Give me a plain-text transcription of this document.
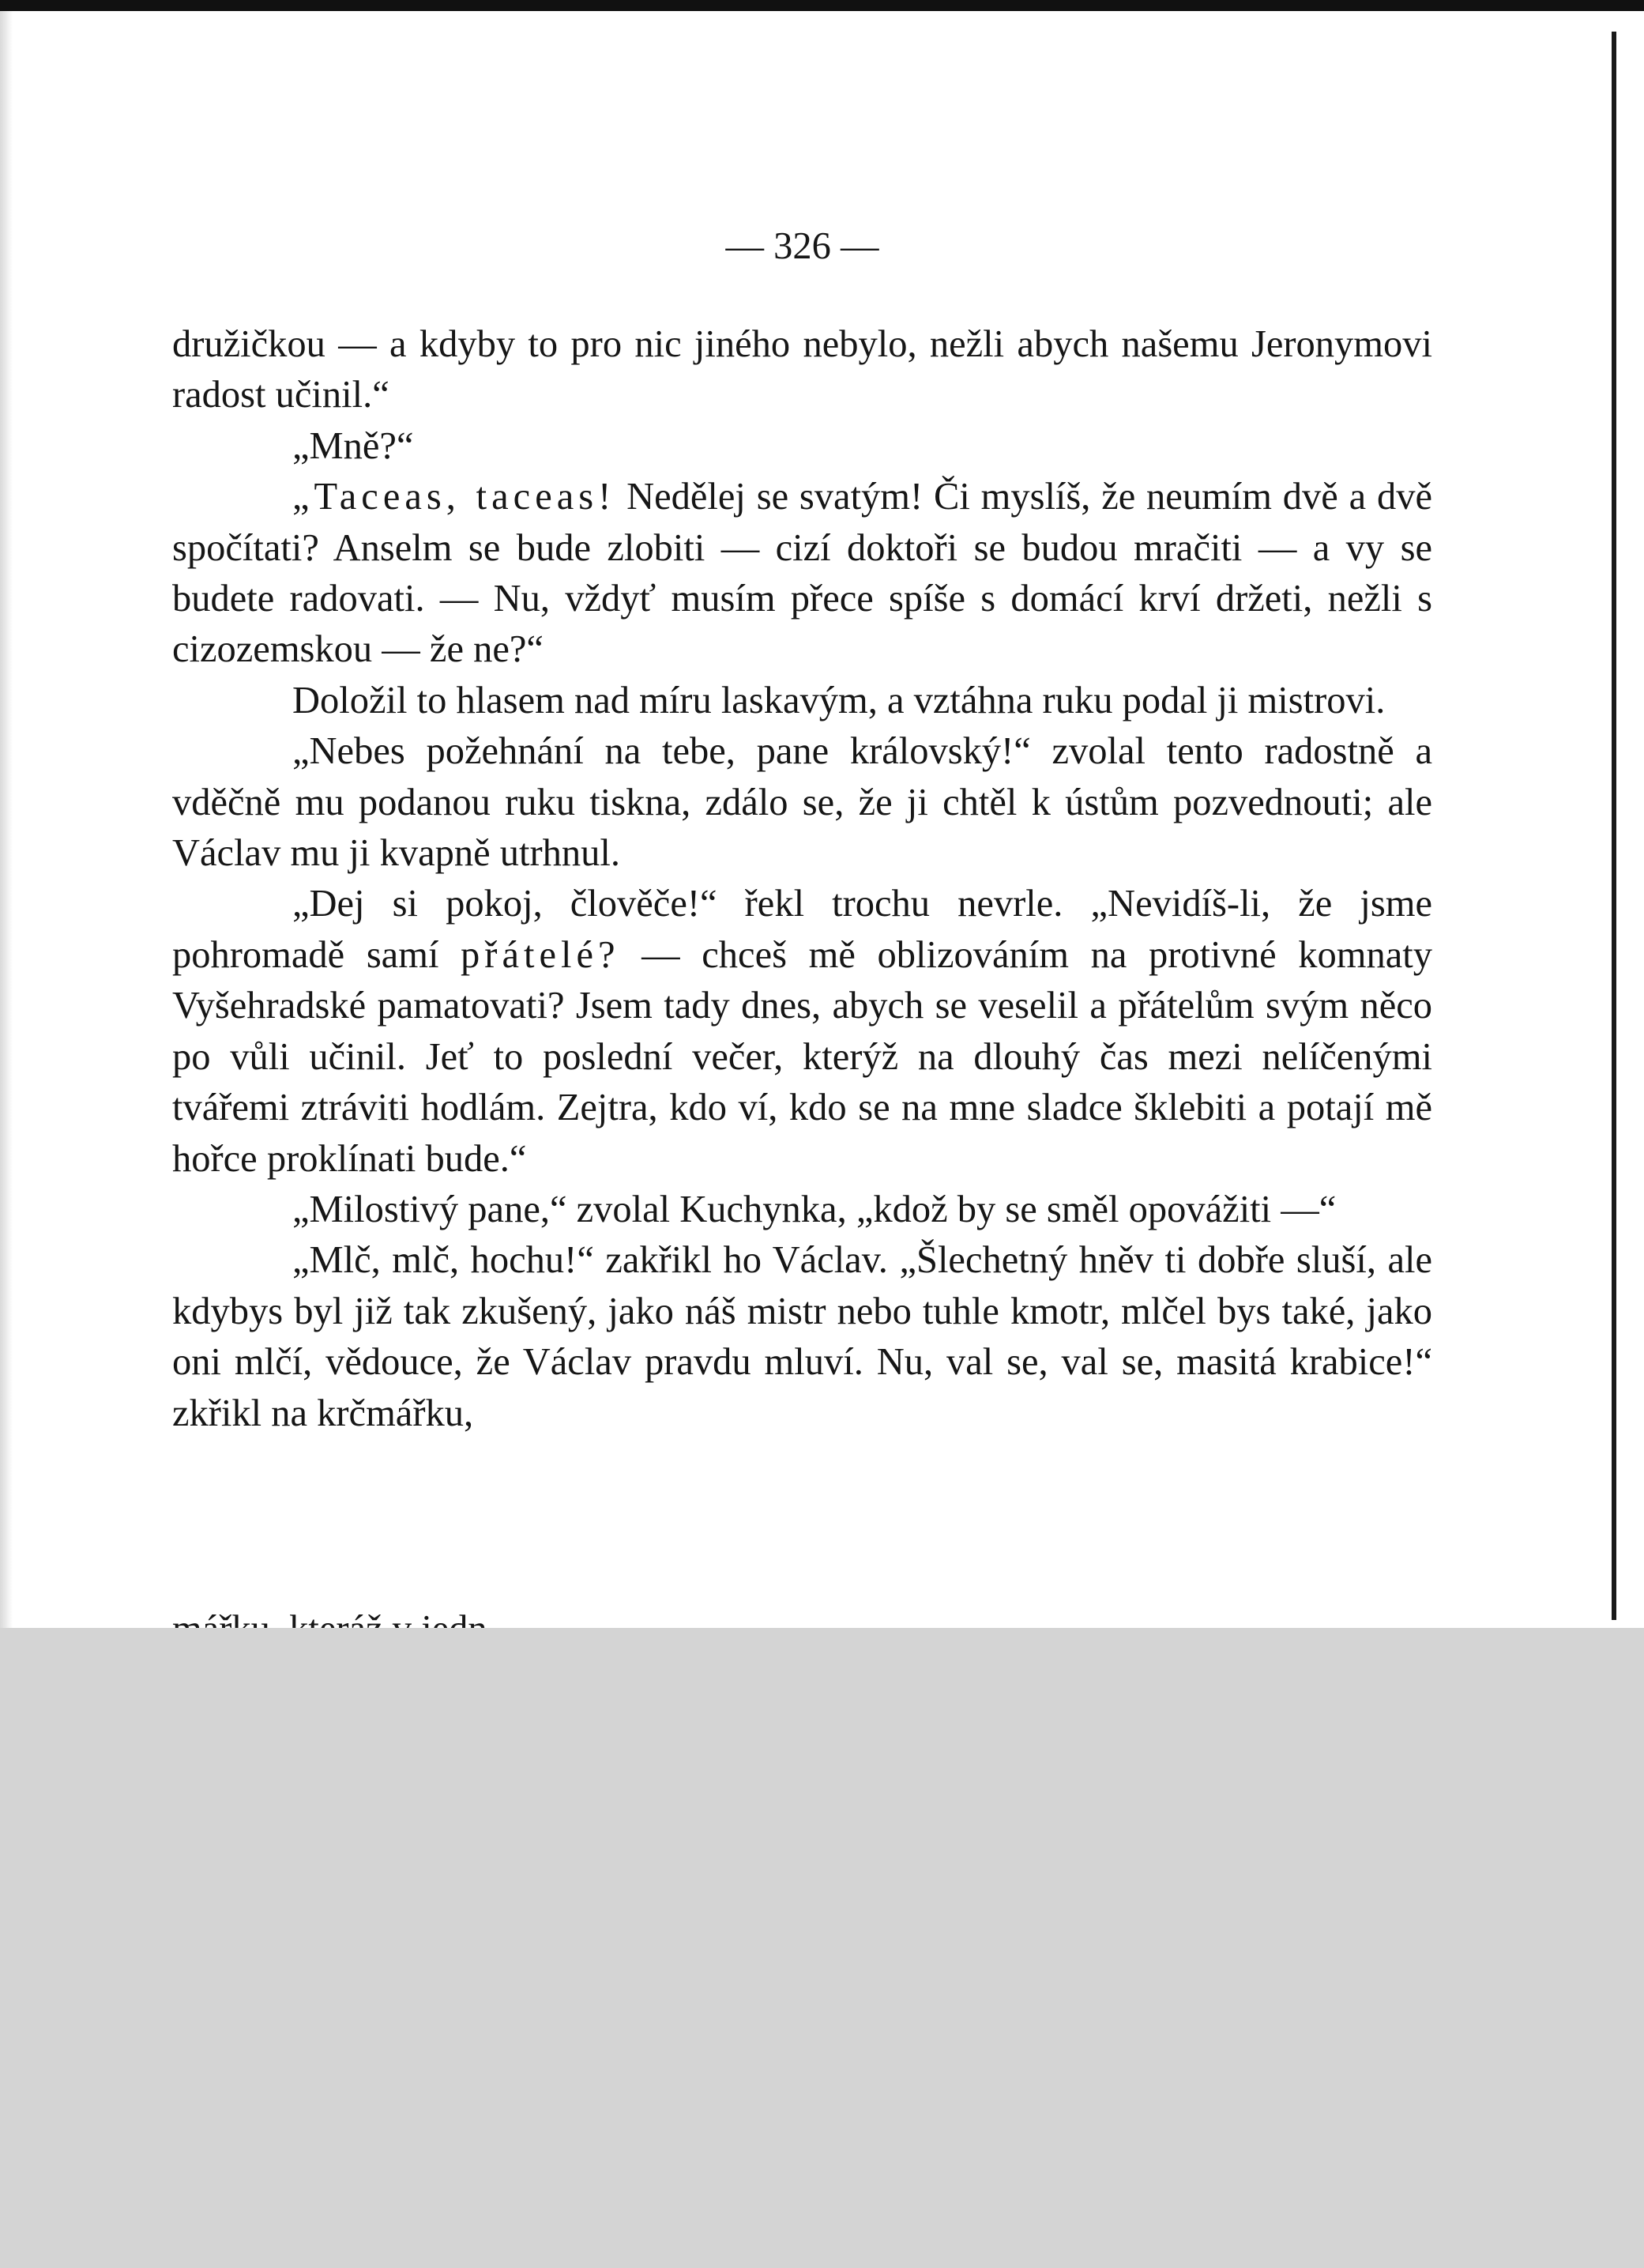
— 326 —

družičkou — a kdyby to pro nic jiného nebylo, nežli abych našemu Jeronymovi radost učinil.“

„Mně?“

„Taceas, taceas! Nedělej se svatým! Či myslíš, že neumím dvě a dvě spočítati? Anselm se bude zlobiti — cizí doktoři se budou mračiti — a vy se budete radovati. — Nu, vždyť musím přece spíše s domácí krví držeti, nežli s cizozemskou — že ne?“

Doložil to hlasem nad míru laskavým, a vztáhna ruku podal ji mistrovi.

„Nebes požehnání na tebe, pane královský!“ zvolal tento radostně a vděčně mu podanou ruku tiskna, zdálo se, že ji chtěl k ústům pozvednouti; ale Václav mu ji kvapně utrhnul.

„Dej si pokoj, člověče!“ řekl trochu nevrle. „Nevidíš-li, že jsme pohromadě samí přátelé? — chceš mě oblizováním na protivné komnaty Vyšehradské pamatovati? Jsem tady dnes, abych se veselil a přátelům svým něco po vůli učinil. Jeť to poslední večer, kterýž na dlouhý čas mezi nelíčenými tvářemi ztráviti hodlám. Zejtra, kdo ví, kdo se na mne sladce šklebiti a potají mě hořce proklínati bude.“

„Milostivý pane,“ zvolal Kuchynka, „kdož by se směl opovážiti —“

„Mlč, mlč, hochu!“ zakřikl ho Václav. „Šlechetný hněv ti dobře sluší, ale kdybys byl již tak zkušený, jako náš mistr nebo tuhle kmotr, mlčel bys také, jako oni mlčí, vědouce, že Václav pravdu mluví. Nu, val se, val se, masitá krabice!“ zkřikl na krčmářku,
